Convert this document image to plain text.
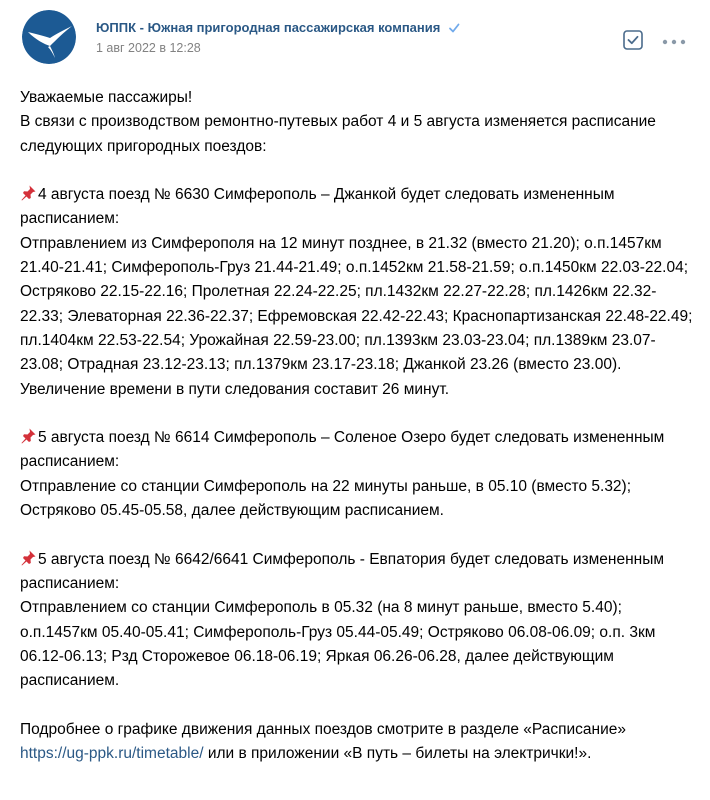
ЮППК - Южная пригородная пассажирская компания
1 авг 2022 в 12:28

Уважаемые пассажиры!

В связи с производством ремонтно-путевых работ 4 и 5 августа изменяется расписание следующих пригородных поездов:

4 августа поезд № 6630 Симферополь – Джанкой будет следовать измененным расписанием:

Отправлением из Симферополя на 12 минут позднее, в 21.32 (вместо 21.20); о.п.1457км 21.40-21.41; Симферополь-Груз 21.44-21.49; о.п.1452км 21.58-21.59; о.п.1450км 22.03-22.04; Остряково 22.15-22.16; Пролетная 22.24-22.25; пл.1432км 22.27-22.28; пл.1426км 22.32-22.33; Элеваторная 22.36-22.37; Ефремовская 22.42-22.43; Краснопартизанская 22.48-22.49; пл.1404км 22.53-22.54; Урожайная 22.59-23.00; пл.1393км 23.03-23.04; пл.1389км 23.07-23.08; Отрадная 23.12-23.13; пл.1379км 23.17-23.18; Джанкой 23.26 (вместо 23.00). Увеличение времени в пути следования составит 26 минут.

5 августа поезд № 6614 Симферополь – Соленое Озеро будет следовать измененным расписанием:

Отправление со станции Симферополь на 22 минуты раньше, в 05.10 (вместо 5.32); Остряково 05.45-05.58, далее действующим расписанием.

5 августа поезд № 6642/6641 Симферополь - Евпатория будет следовать измененным расписанием:

Отправлением со станции Симферополь в 05.32 (на 8 минут раньше, вместо 5.40); о.п.1457км 05.40-05.41; Симферополь-Груз 05.44-05.49; Остряково 06.08-06.09; о.п. 3км 06.12-06.13; Рзд Сторожевое 06.18-06.19; Яркая 06.26-06.28, далее действующим расписанием.

Подробнее о графике движения данных поездов смотрите в разделе «Расписание» https://ug-ppk.ru/timetable/ или в приложении «В путь – билеты на электрички!».
